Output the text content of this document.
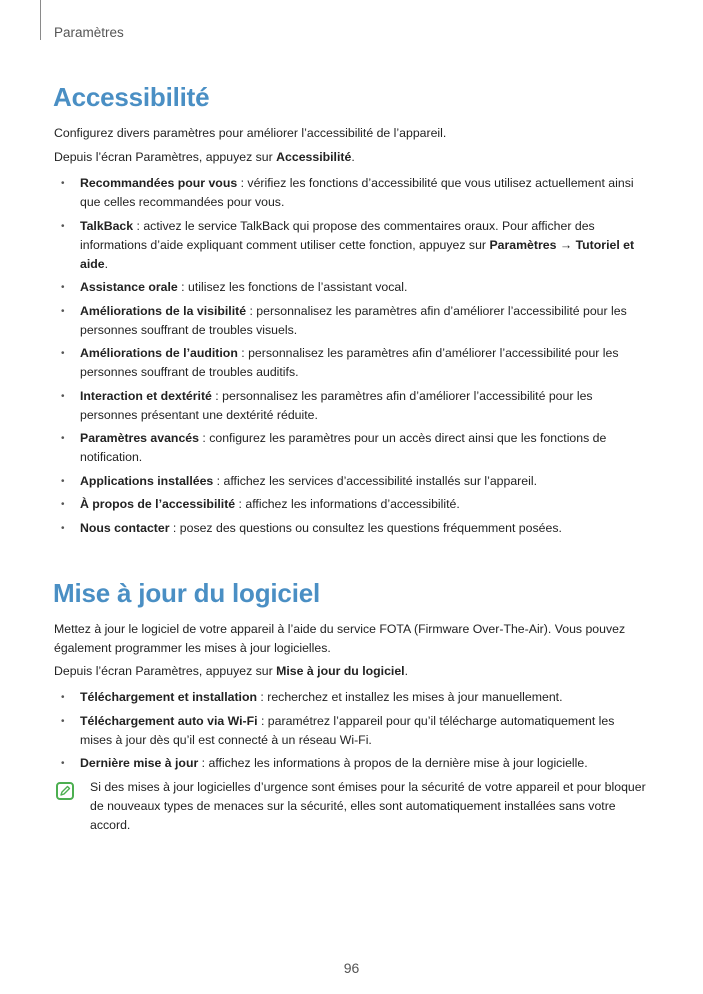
Paramètres
Accessibilité
Configurez divers paramètres pour améliorer l’accessibilité de l’appareil.
Depuis l’écran Paramètres, appuyez sur Accessibilité.
• Recommandées pour vous : vérifiez les fonctions d’accessibilité que vous utilisez actuellement ainsi que celles recommandées pour vous.
• TalkBack : activez le service TalkBack qui propose des commentaires oraux. Pour afficher des informations d’aide expliquant comment utiliser cette fonction, appuyez sur Paramètres → Tutoriel et aide.
• Assistance orale : utilisez les fonctions de l’assistant vocal.
• Améliorations de la visibilité : personnalisez les paramètres afin d’améliorer l’accessibilité pour les personnes souffrant de troubles visuels.
• Améliorations de l’audition : personnalisez les paramètres afin d’améliorer l’accessibilité pour les personnes souffrant de troubles auditifs.
• Interaction et dextérité : personnalisez les paramètres afin d’améliorer l’accessibilité pour les personnes présentant une dextérité réduite.
• Paramètres avancés : configurez les paramètres pour un accès direct ainsi que les fonctions de notification.
• Applications installées : affichez les services d’accessibilité installés sur l’appareil.
• À propos de l’accessibilité : affichez les informations d’accessibilité.
• Nous contacter : posez des questions ou consultez les questions fréquemment posées.
Mise à jour du logiciel
Mettez à jour le logiciel de votre appareil à l’aide du service FOTA (Firmware Over-The-Air). Vous pouvez également programmer les mises à jour logicielles.
Depuis l’écran Paramètres, appuyez sur Mise à jour du logiciel.
• Téléchargement et installation : recherchez et installez les mises à jour manuellement.
• Téléchargement auto via Wi-Fi : paramétrez l’appareil pour qu’il télécharge automatiquement les mises à jour dès qu’il est connecté à un réseau Wi-Fi.
• Dernière mise à jour : affichez les informations à propos de la dernière mise à jour logicielle.
Si des mises à jour logicielles d’urgence sont émises pour la sécurité de votre appareil et pour bloquer de nouveaux types de menaces sur la sécurité, elles sont automatiquement installées sans votre accord.
96
